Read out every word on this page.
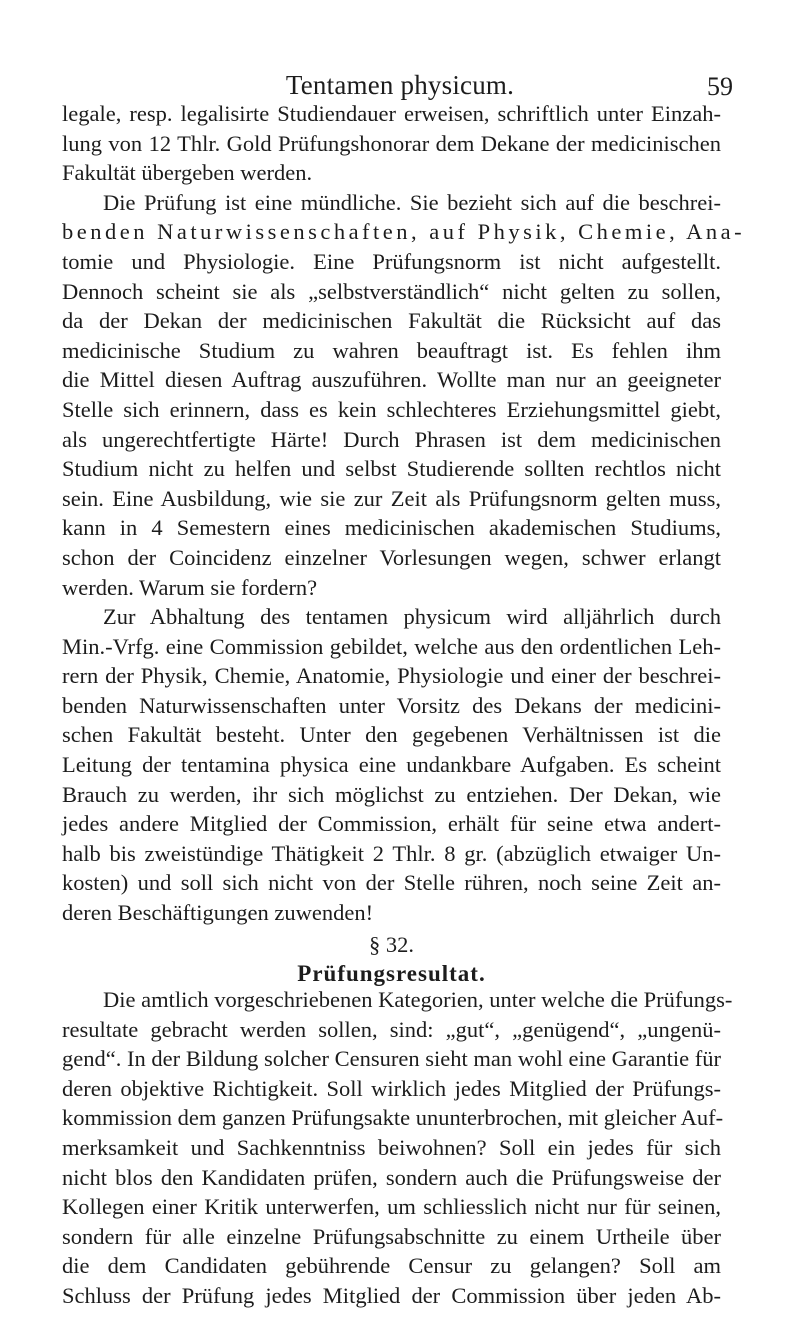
Tentamen physicum.	59
legale, resp. legalisirte Studiendauer erweisen, schriftlich unter Einzah-
lung von 12 Thlr. Gold Prüfungshonorar dem Dekane der medicinischen
Fakultät übergeben werden.
Die Prüfung ist eine mündliche. Sie bezieht sich auf die beschrei-
benden Naturwissenschaften, auf Physik, Chemie, Ana-
tomie und Physiologie. Eine Prüfungsnorm ist nicht aufgestellt.
Dennoch scheint sie als „selbstverständlich“ nicht gelten zu sollen,
da der Dekan der medicinischen Fakultät die Rücksicht auf das
medicinische Studium zu wahren beauftragt ist. Es fehlen ihm
die Mittel diesen Auftrag auszuführen. Wollte man nur an geeigneter
Stelle sich erinnern, dass es kein schlechteres Erziehungsmittel giebt,
als ungerechtfertigte Härte! Durch Phrasen ist dem medicinischen
Studium nicht zu helfen und selbst Studierende sollten rechtlos nicht
sein. Eine Ausbildung, wie sie zur Zeit als Prüfungsnorm gelten muss,
kann in 4 Semestern eines medicinischen akademischen Studiums,
schon der Coincidenz einzelner Vorlesungen wegen, schwer erlangt
werden. Warum sie fordern?
Zur Abhaltung des tentamen physicum wird alljährlich durch
Min.-Vrfg. eine Commission gebildet, welche aus den ordentlichen Leh-
rern der Physik, Chemie, Anatomie, Physiologie und einer der beschrei-
benden Naturwissenschaften unter Vorsitz des Dekans der medicini-
schen Fakultät besteht. Unter den gegebenen Verhältnissen ist die
Leitung der tentamina physica eine undankbare Aufgaben. Es scheint
Brauch zu werden, ihr sich möglichst zu entziehen. Der Dekan, wie
jedes andere Mitglied der Commission, erhält für seine etwa andert-
halb bis zweistündige Thätigkeit 2 Thlr. 8 gr. (abzüglich etwaiger Un-
kosten) und soll sich nicht von der Stelle rühren, noch seine Zeit an-
deren Beschäftigungen zuwenden!
§ 32.
Prüfungsresultat.
Die amtlich vorgeschriebenen Kategorien, unter welche die Prüfungs-
resultate gebracht werden sollen, sind: „gut“, „genügend“, „ungenü-
gend“. In der Bildung solcher Censuren sieht man wohl eine Garantie für
deren objektive Richtigkeit. Soll wirklich jedes Mitglied der Prüfungs-
kommission dem ganzen Prüfungsakte ununterbrochen, mit gleicher Auf-
merksamkeit und Sachkenntniss beiwohnen? Soll ein jedes für sich
nicht blos den Kandidaten prüfen, sondern auch die Prüfungsweise der
Kollegen einer Kritik unterwerfen, um schliesslich nicht nur für seinen,
sondern für alle einzelne Prüfungsabschnitte zu einem Urtheile über
die dem Candidaten gebührende Censur zu gelangen? Soll am
Schluss der Prüfung jedes Mitglied der Commission über jeden Ab-
